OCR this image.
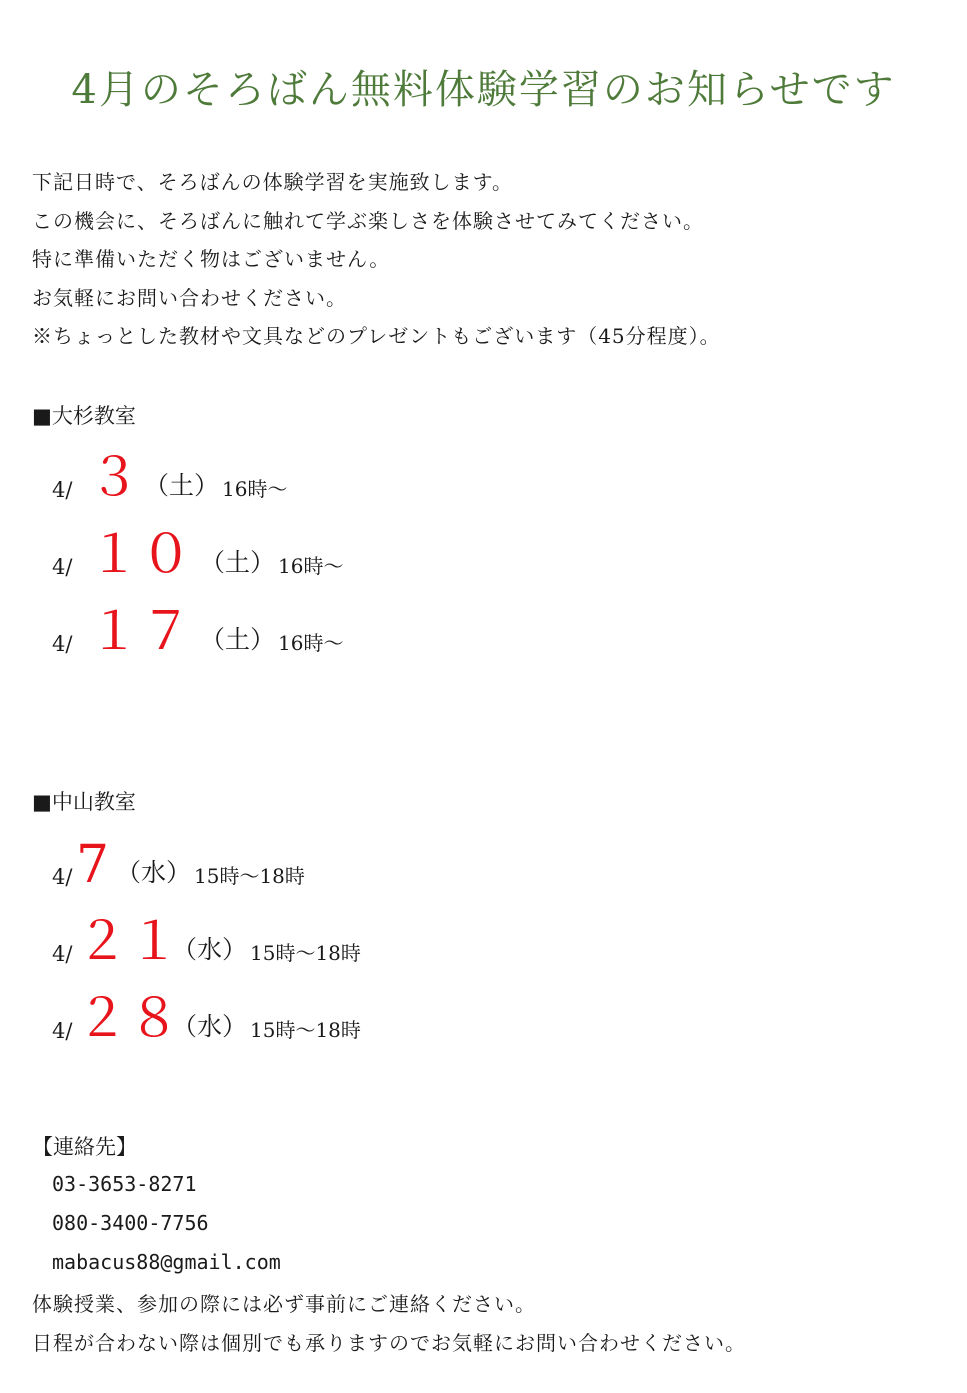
4月のそろばん無料体験学習のお知らせです
下記日時で、そろばんの体験学習を実施致します。
この機会に、そろばんに触れて学ぶ楽しさを体験させてみてください。
特に準備いただく物はございません。
お気軽にお問い合わせください。
※ちょっとした教材や文具などのプレゼントもございます（45分程度）。
■大杉教室
4/ ３ （土） 16時〜
4/ １０ （土） 16時〜
4/ １７ （土） 16時〜
■中山教室
4/ 7 （水） 15時〜18時
4/ ２１
（水） 15時〜18時
4/ ２８
（水） 15時〜18時
【連絡先】
03-3653-8271
080-3400-7756
mabacus88@gmail.com
体験授業、参加の際には必ず事前にご連絡ください。
日程が合わない際は個別でも承りますのでお気軽にお問い合わせください。
